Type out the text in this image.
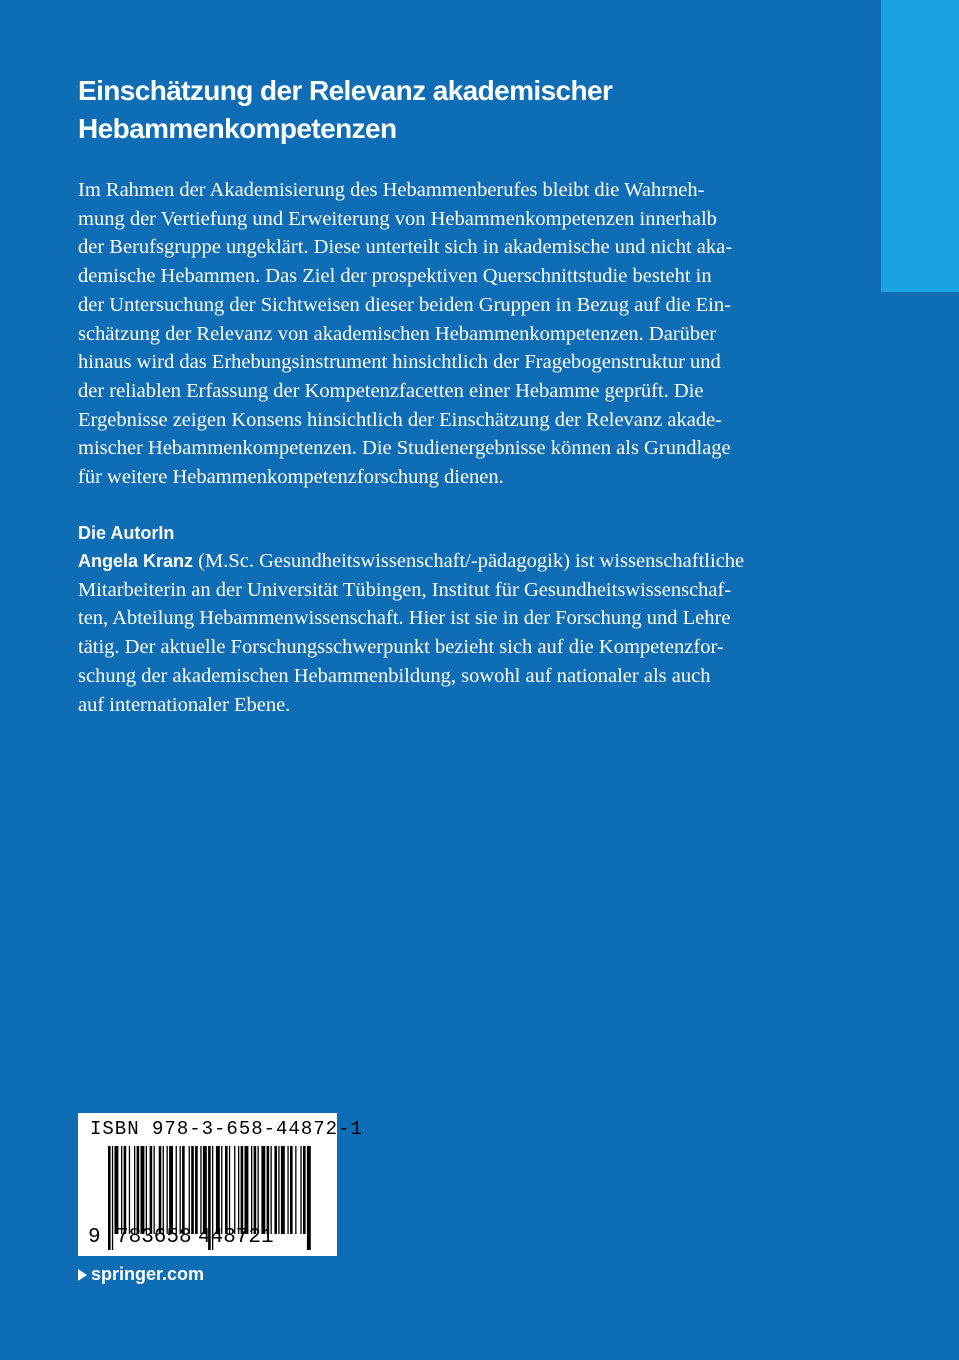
Einschätzung der Relevanz akademischer
Hebammenkompetenzen
Im Rahmen der Akademisierung des Hebammenberufes bleibt die Wahrneh-
mung der Vertiefung und Erweiterung von Hebammenkompetenzen innerhalb
der Berufsgruppe ungeklärt. Diese unterteilt sich in akademische und nicht aka-
demische Hebammen. Das Ziel der prospektiven Querschnittstudie besteht in
der Untersuchung der Sichtweisen dieser beiden Gruppen in Bezug auf die Ein-
schätzung der Relevanz von akademischen Hebammenkompetenzen. Darüber
hinaus wird das Erhebungsinstrument hinsichtlich der Fragebogenstruktur und
der reliablen Erfassung der Kompetenzfacetten einer Hebamme geprüft. Die
Ergebnisse zeigen Konsens hinsichtlich der Einschätzung der Relevanz akade-
mischer Hebammenkompetenzen. Die Studienergebnisse können als Grundlage
für weitere Hebammenkompetenzforschung dienen.
Die AutorIn
Angela Kranz (M.Sc. Gesundheitswissenschaft/-pädagogik) ist wissenschaftliche
Mitarbeiterin an der Universität Tübingen, Institut für Gesundheitswissenschaf-
ten, Abteilung Hebammenwissenschaft. Hier ist sie in der Forschung und Lehre
tätig. Der aktuelle Forschungsschwerpunkt bezieht sich auf die Kompetenzfor-
schung der akademischen Hebammenbildung, sowohl auf nationaler als auch
auf internationaler Ebene.
ISBN 978-3-658-44872-1
9 783658 448721
springer.com
